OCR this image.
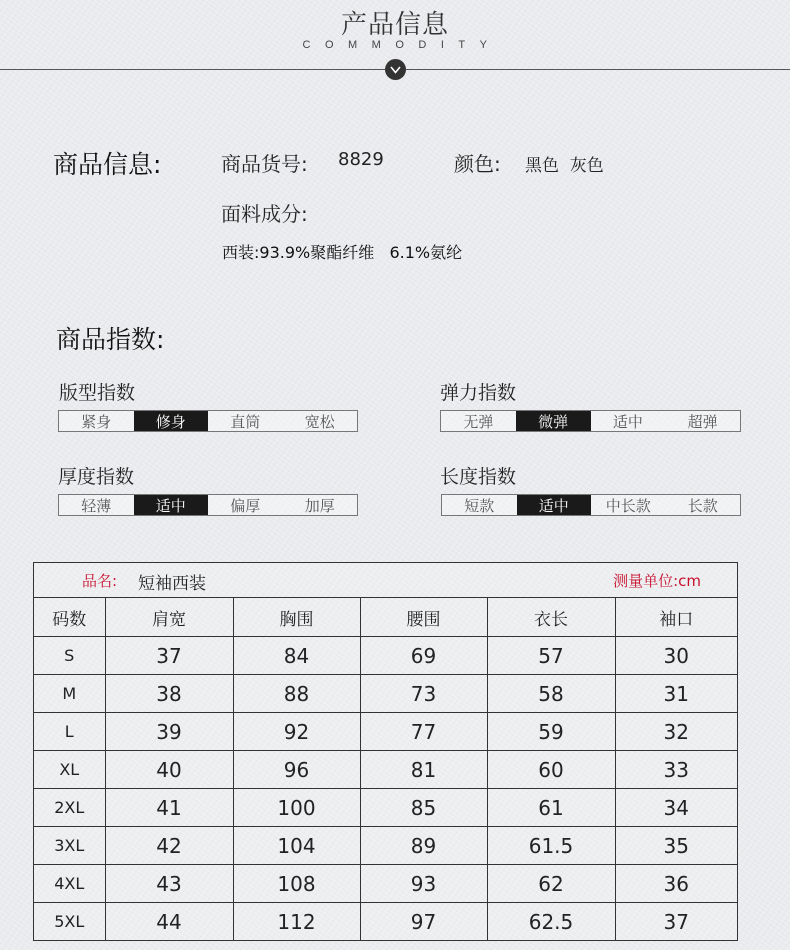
产品信息
COMMODITY
商品信息:	商品货号: 8829	颜色: 黑色  灰色
面料成分:
西装:93.9%聚酯纤维   6.1%氨纶
商品指数:
版型指数
紧身	修身	直筒	宽松
弹力指数
无弹	微弹	适中	超弹
厚度指数
轻薄	适中	偏厚	加厚
长度指数
短款	适中	中长款	长款
品名: 短袖西装	测量单位:cm
码数	肩宽	胸围	腰围	衣长	袖口
S	37	84	69	57	30
M	38	88	73	58	31
L	39	92	77	59	32
XL	40	96	81	60	33
2XL	41	100	85	61	34
3XL	42	104	89	61.5	35
4XL	43	108	93	62	36
5XL	44	112	97	62.5	37
